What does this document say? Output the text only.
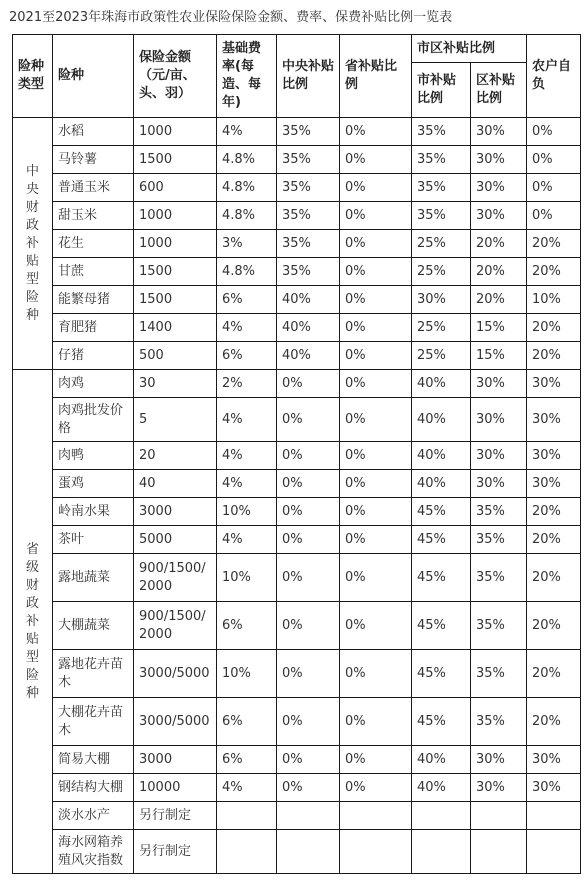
2021至2023年珠海市政策性农业保险保险金额、费率、保费补贴比例一览表
险种类型	险种	保险金额（元/亩、头、羽）	基础费率(每造、每年)	中央补贴比例	省补贴比例	市区补贴比例		农户自负
						市补贴比例	区补贴比例	

中央财政补贴型险种	水稻	1000	4%	35%	0%	35%	30%	0%
	马铃薯	1500	4.8%	35%	0%	35%	30%	0%
	普通玉米	600	4.8%	35%	0%	35%	30%	0%
	甜玉米	1000	4.8%	35%	0%	35%	30%	0%
	花生	1000	3%	35%	0%	25%	20%	20%
	甘蔗	1500	4.8%	35%	0%	25%	20%	20%
	能繁母猪	1500	6%	40%	0%	30%	20%	10%
	育肥猪	1400	4%	40%	0%	25%	15%	20%
	仔猪	500	6%	40%	0%	25%	15%	20%

省级财政补贴型险种	肉鸡	30	2%	0%	0%	40%	30%	30%
	肉鸡批发价格	5	4%	0%	0%	40%	30%	30%
	肉鸭	20	4%	0%	0%	40%	30%	30%
	蛋鸡	40	4%	0%	0%	40%	30%	30%
	岭南水果	3000	10%	0%	0%	45%	35%	20%
	茶叶	5000	4%	0%	0%	45%	35%	20%
	露地蔬菜	900/1500/2000	10%	0%	0%	45%	35%	20%
	大棚蔬菜	900/1500/2000	6%	0%	0%	45%	35%	20%
	露地花卉苗木	3000/5000	10%	0%	0%	45%	35%	20%
	大棚花卉苗木	3000/5000	6%	0%	0%	45%	35%	20%
	简易大棚	3000	6%	0%	0%	40%	30%	30%
	钢结构大棚	10000	4%	0%	0%	40%	30%	30%
	淡水水产	另行制定						
	海水网箱养殖风灾指数	另行制定						
